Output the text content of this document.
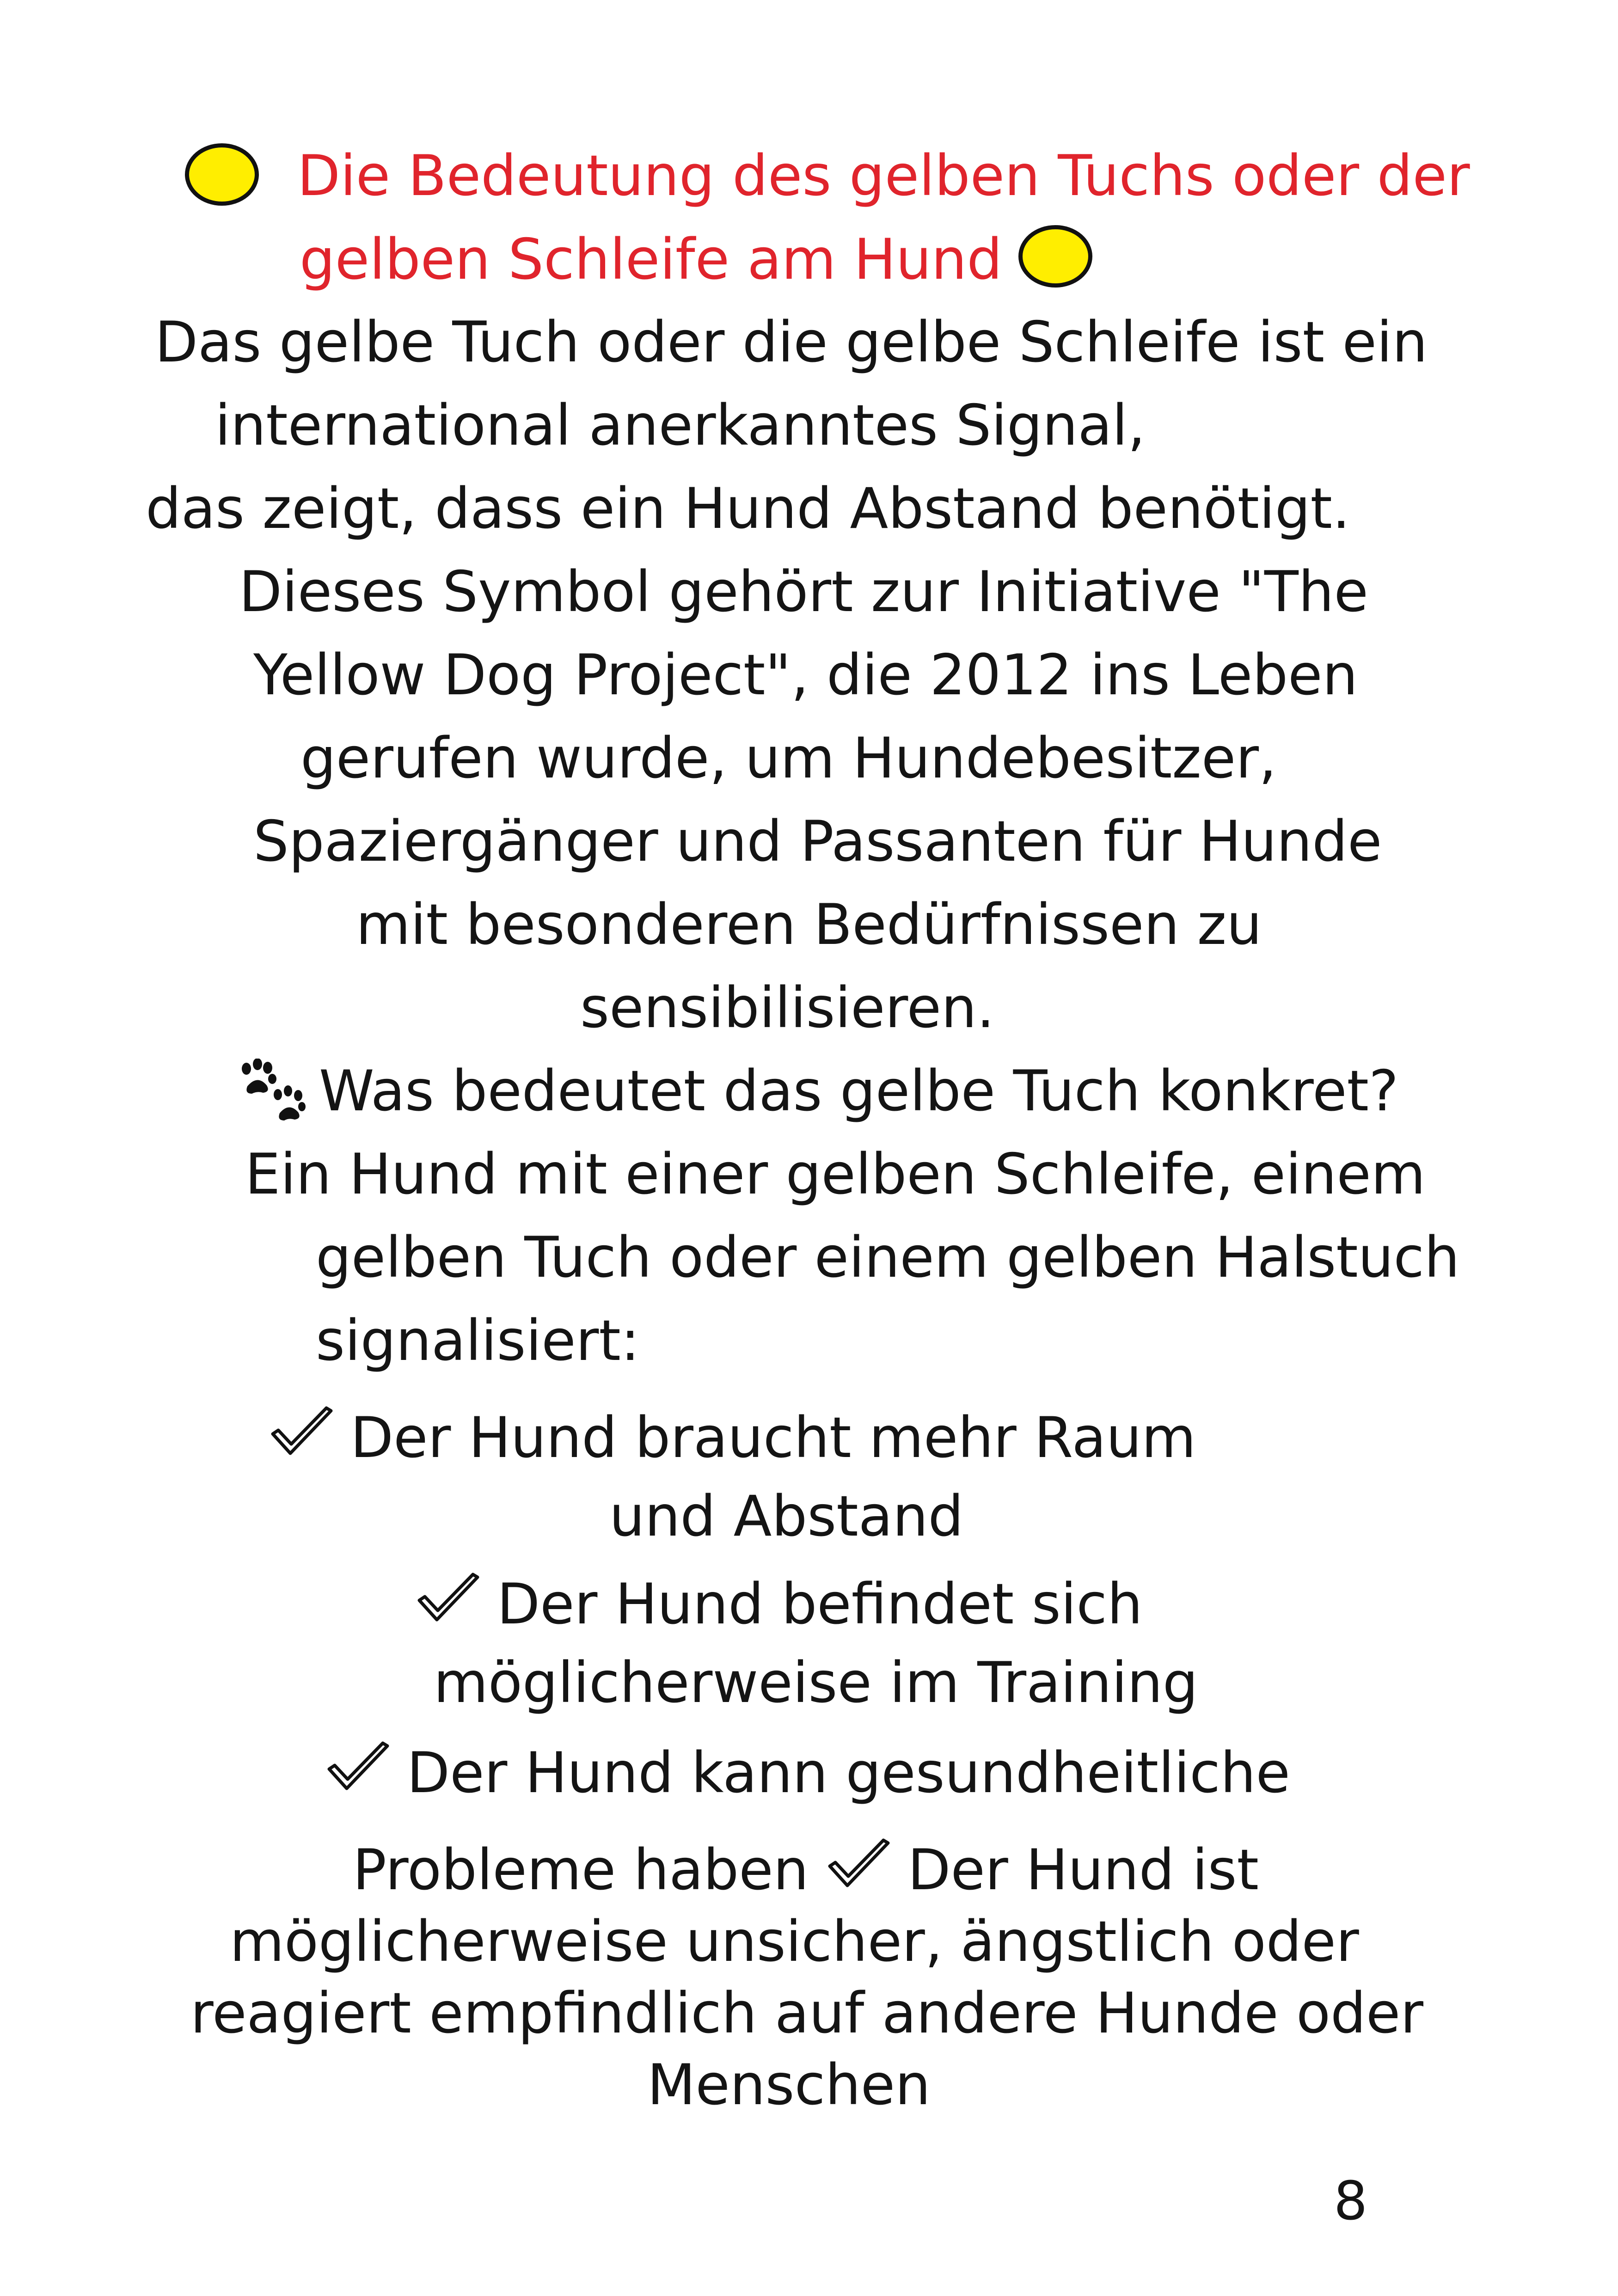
Die Bedeutung des gelben Tuchs oder der
gelben Schleife am Hund
Das gelbe Tuch oder die gelbe Schleife ist ein
international anerkanntes Signal,
das zeigt, dass ein Hund Abstand benötigt.
Dieses Symbol gehört zur Initiative "The
Yellow Dog Project", die 2012 ins Leben
gerufen wurde, um Hundebesitzer,
Spaziergänger und Passanten für Hunde
mit besonderen Bedürfnissen zu
sensibilisieren.
Was bedeutet das gelbe Tuch konkret?
Ein Hund mit einer gelben Schleife, einem
gelben Tuch oder einem gelben Halstuch
signalisiert:
Der Hund braucht mehr Raum
und Abstand
Der Hund befindet sich
möglicherweise im Training
Der Hund kann gesundheitliche
Probleme haben Der Hund ist
möglicherweise unsicher, ängstlich oder
reagiert empfindlich auf andere Hunde oder
Menschen
8
